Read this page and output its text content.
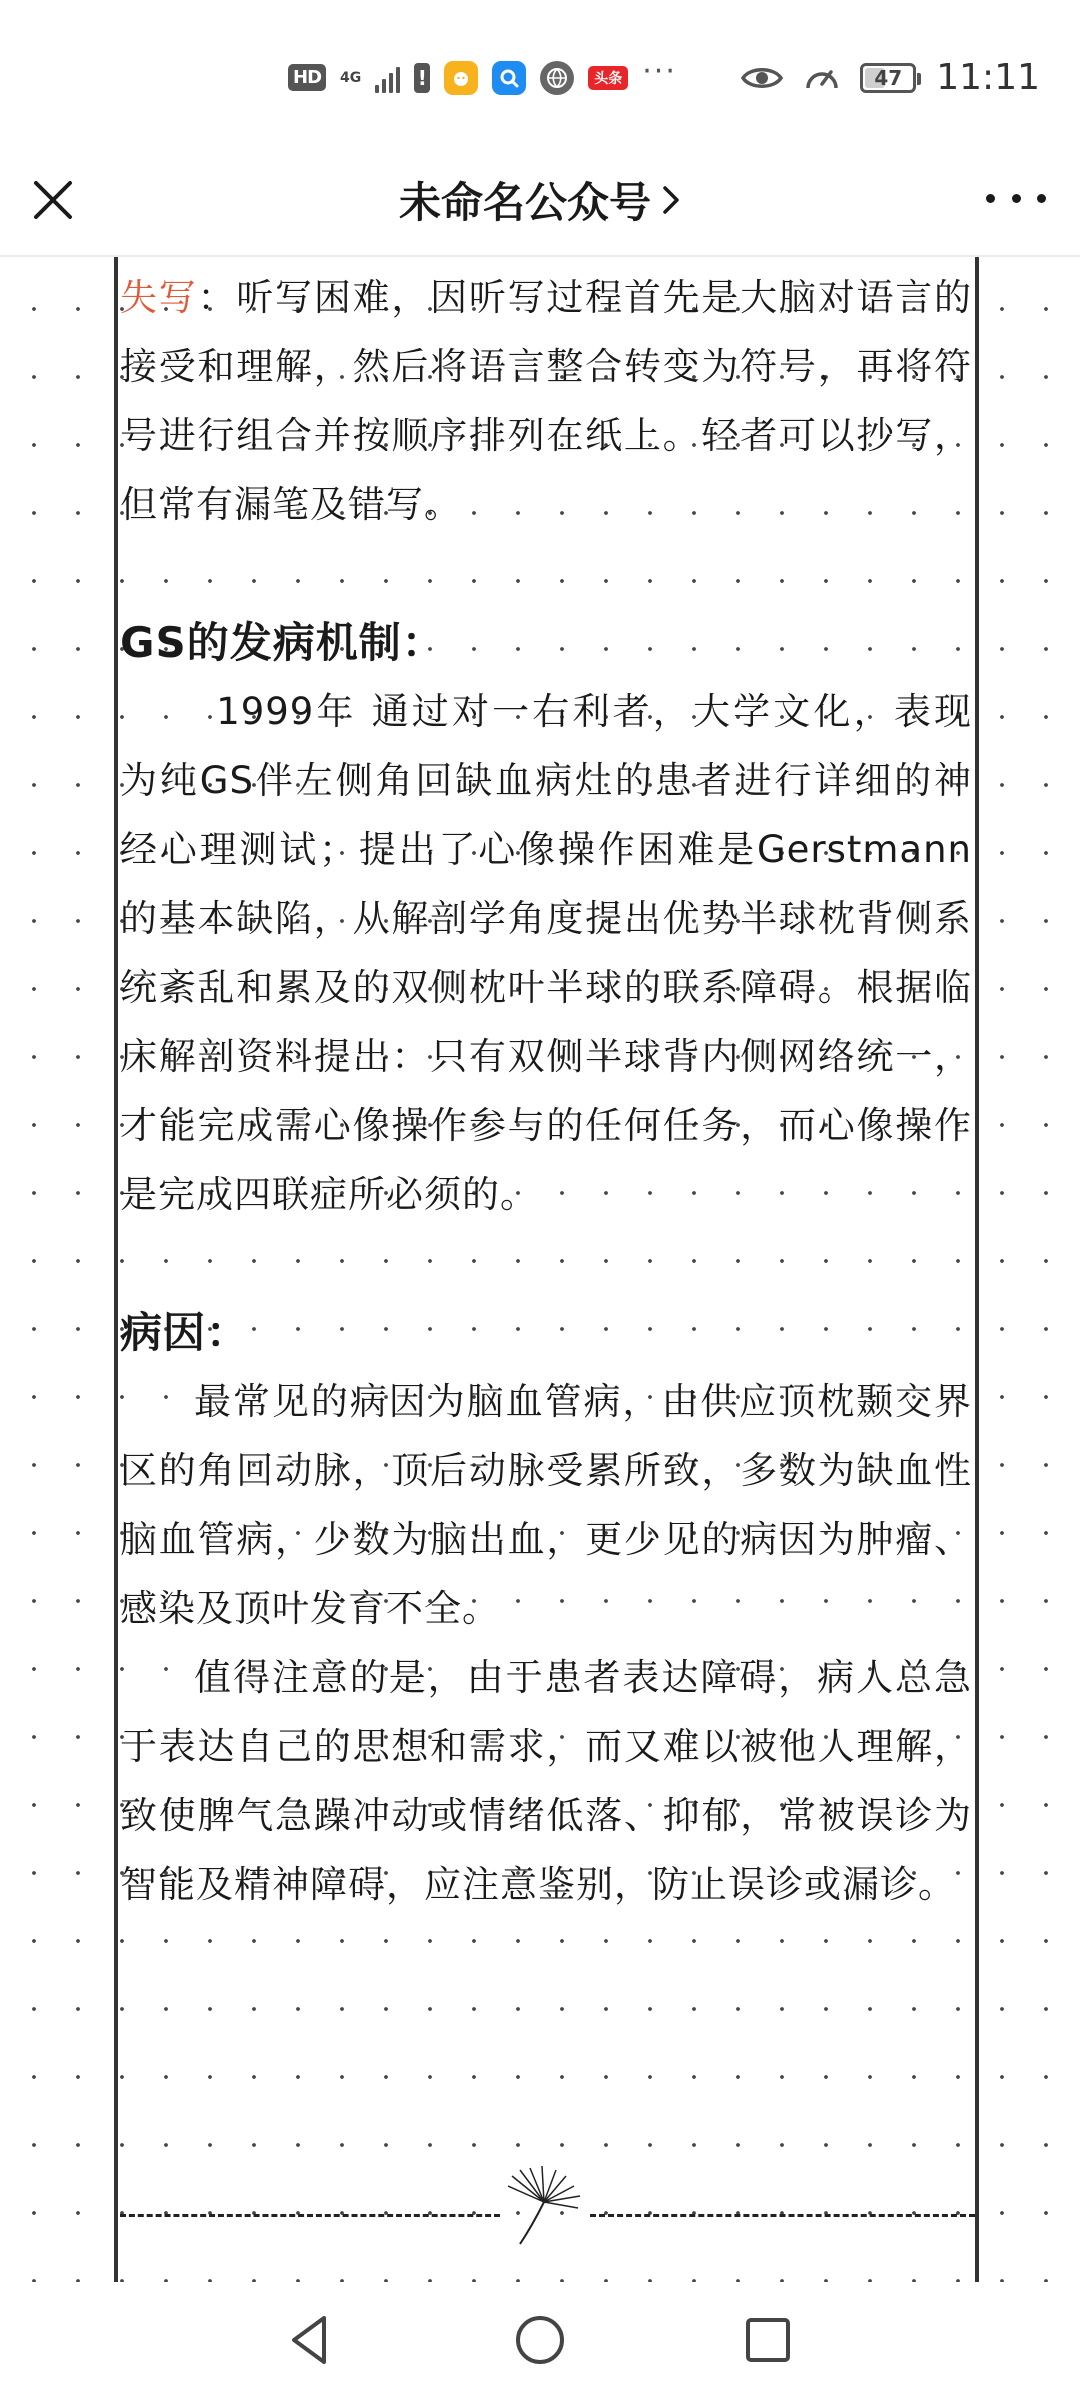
HD	4G	!	头条 ···	47 11:11
未命名公众号

失写：听写困难，因听写过程首先是大脑对语言的接受和理解，然后将语言整合转变为符号，再将符号进行组合并按顺序排列在纸上。轻者可以抄写，但常有漏笔及错写。

GS的发病机制：

1999年 通过对一右利者，大学文化，表现为纯GS伴左侧角回缺血病灶的患者进行详细的神经心理测试；提出了心像操作困难是Gerstmann的基本缺陷，从解剖学角度提出优势半球枕背侧系统紊乱和累及的双侧枕叶半球的联系障碍。根据临床解剖资料提出：只有双侧半球背内侧网络统一，才能完成需心像操作参与的任何任务，而心像操作是完成四联症所必须的。

病因：

最常见的病因为脑血管病，由供应顶枕颞交界区的角回动脉，顶后动脉受累所致，多数为缺血性脑血管病，少数为脑出血，更少见的病因为肿瘤、感染及顶叶发育不全。

值得注意的是，由于患者表达障碍，病人总急于表达自己的思想和需求，而又难以被他人理解，致使脾气急躁冲动或情绪低落、抑郁，常被误诊为智能及精神障碍，应注意鉴别，防止误诊或漏诊。
